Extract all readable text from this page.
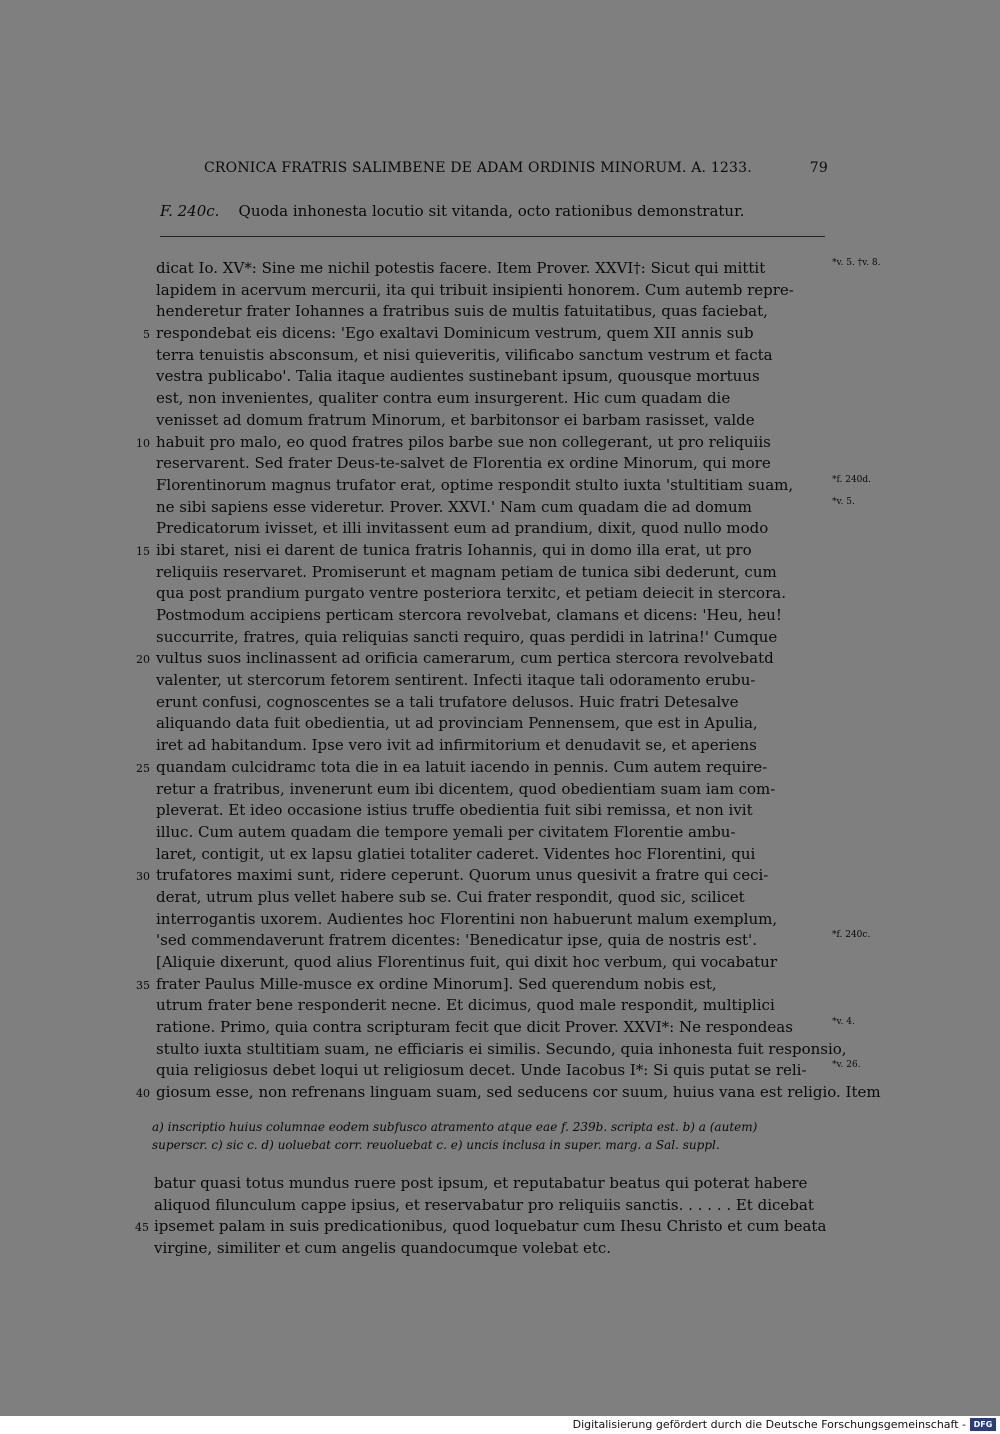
CRONICA FRATRIS SALIMBENE DE ADAM ORDINIS MINORUM. A. 1233.	79
F. 240c. Quoda inhonesta locutio sit vitanda, octo rationibus demonstratur.
dicat Io. XV*: Sine me nichil potestis facere. Item Prover. XXVI†: Sicut qui mittit	*v. 5. †v. 8.
lapidem in acervum mercurii, ita qui tribuit insipienti honorem. Cum autemb repre-
henderetur frater Iohannes a fratribus suis de multis fatuitatibus, quas faciebat,
5 respondebat eis dicens: 'Ego exaltavi Dominicum vestrum, quem XII annis sub
terra tenuistis absconsum, et nisi quieveritis, vilificabo sanctum vestrum et facta
vestra publicabo'. Talia itaque audientes sustinebant ipsum, quousque mortuus
est, non invenientes, qualiter contra eum insurgerent. Hic cum quadam die
venisset ad domum fratrum Minorum, et barbitonsor ei barbam rasisset, valde
10 habuit pro malo, eo quod fratres pilos barbe sue non collegerant, ut pro reliquiis
reservarent. Sed frater Deus-te-salvet de Florentia ex ordine Minorum, qui more
Florentinorum magnus trufator erat, optime respondit stulto iuxta 'stultitiam suam,	*f. 240d.
ne sibi sapiens esse videretur. Prover. XXVI.' Nam cum quadam die ad domum	*v. 5.
Predicatorum ivisset, et illi invitassent eum ad prandium, dixit, quod nullo modo
15 ibi staret, nisi ei darent de tunica fratris Iohannis, qui in domo illa erat, ut pro
reliquiis reservaret. Promiserunt et magnam petiam de tunica sibi dederunt, cum
qua post prandium purgato ventre posteriora terxitc, et petiam deiecit in stercora.
Postmodum accipiens perticam stercora revolvebat, clamans et dicens: 'Heu, heu!
succurrite, fratres, quia reliquias sancti requiro, quas perdidi in latrina!' Cumque
20 vultus suos inclinassent ad orificia camerarum, cum pertica stercora revolvebatd
valenter, ut stercorum fetorem sentirent. Infecti itaque tali odoramento erubu-
erunt confusi, cognoscentes se a tali trufatore delusos. Huic fratri Detesalve
aliquando data fuit obedientia, ut ad provinciam Pennensem, que est in Apulia,
iret ad habitandum. Ipse vero ivit ad infirmitorium et denudavit se, et aperiens
25 quandam culcidramc tota die in ea latuit iacendo in pennis. Cum autem require-
retur a fratribus, invenerunt eum ibi dicentem, quod obedientiam suam iam com-
pleverat. Et ideo occasione istius truffe obedientia fuit sibi remissa, et non ivit
illuc. Cum autem quadam die tempore yemali per civitatem Florentie ambu-
laret, contigit, ut ex lapsu glatiei totaliter caderet. Videntes hoc Florentini, qui
30 trufatores maximi sunt, ridere ceperunt. Quorum unus quesivit a fratre qui ceci-
derat, utrum plus vellet habere sub se. Cui frater respondit, quod sic, scilicet
interrogantis uxorem. Audientes hoc Florentini non habuerunt malum exemplum,
'sed commendaverunt fratrem dicentes: 'Benedicatur ipse, quia de nostris est'.	*f. 240c.
[Aliquie dixerunt, quod alius Florentinus fuit, qui dixit hoc verbum, qui vocabatur
35 frater Paulus Mille-musce ex ordine Minorum]. Sed querendum nobis est,
utrum frater bene responderit necne. Et dicimus, quod male respondit, multiplici
ratione. Primo, quia contra scripturam fecit que dicit Prover. XXVI*: Ne respondeas	*v. 4.
stulto iuxta stultitiam suam, ne efficiaris ei similis. Secundo, quia inhonesta fuit responsio,
quia religiosus debet loqui ut religiosum decet. Unde Iacobus I*: Si quis putat se reli-	*v. 26.
40 giosum esse, non refrenans linguam suam, sed seducens cor suum, huius vana est religio. Item
a) inscriptio huius columnae eodem subfusco atramento atque eae f. 239b. scripta est. b) a (autem)
superscr. c) sic c. d) uoluebat corr. reuoluebat c. e) uncis inclusa in super. marg. a Sal. suppl.
batur quasi totus mundus ruere post ipsum, et reputabatur beatus qui poterat habere
aliquod filunculum cappe ipsius, et reservabatur pro reliquiis sanctis. . . . . . Et dicebat
45 ipsemet palam in suis predicationibus, quod loquebatur cum Ihesu Christo et cum beata
virgine, similiter et cum angelis quandocumque volebat etc.
Digitalisierung gefördert durch die Deutsche Forschungsgemeinschaft - DFG
